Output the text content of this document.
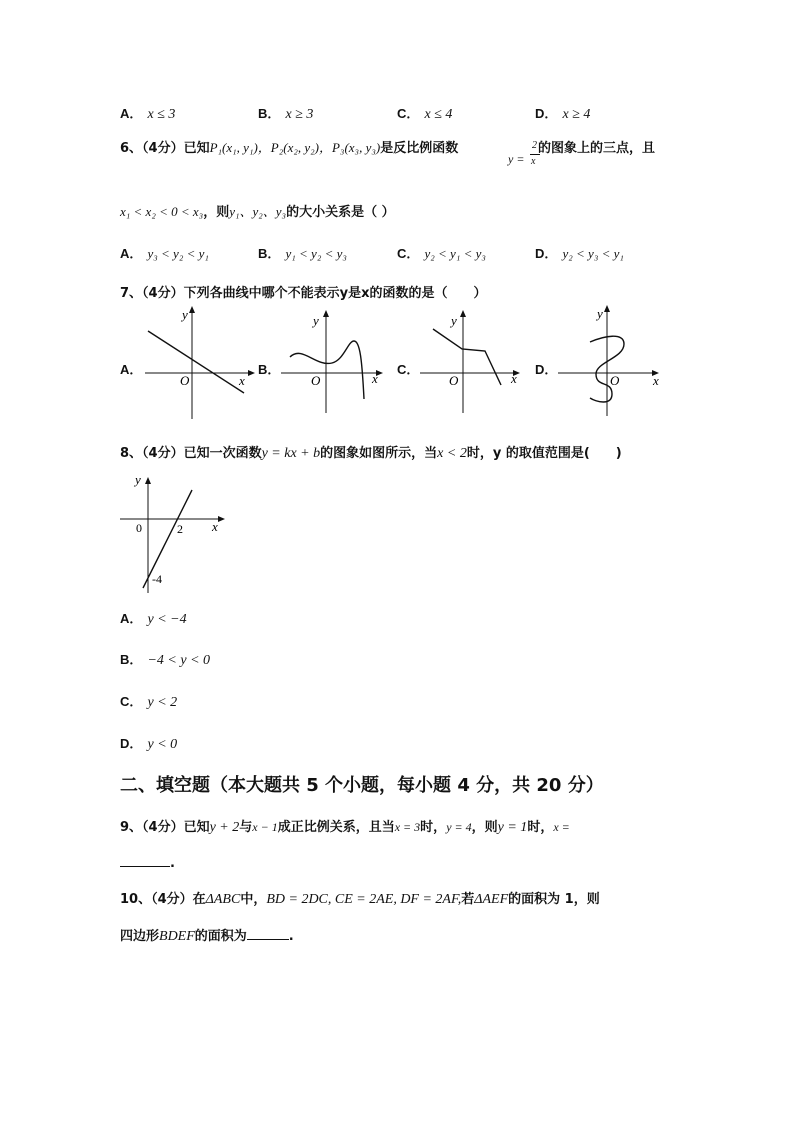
A． x ≤ 3	B． x ≥ 3	C． x ≤ 4	D． x ≥ 4
6、（4分）已知P₁(x₁, y₁)，P₂(x₂, y₂)，P₃(x₃, y₃)是反比例函数
y =
2
x
的图象上的三点，且
x₁ < x₂ < 0 < x₃，则y₁、y₂、y₃的大小关系是（ ）
A． y₃ < y₂ < y₁	B． y₁ < y₂ < y₃	C． y₂ < y₁ < y₃	D． y₂ < y₃ < y₁
7、（4分）下列各曲线中哪个不能表示y是x的函数的是（　　）
A．
O	x
y
B．
O	x
y
C．
O	x
y
D．
O	x
y
8、（4分）已知一次函数y = kx + b的图象如图所示，当x < 2时，y 的取值范围是(　　)
0	2
-4
x
y
A． y < −4
B． −4 < y < 0
C． y < 2
D． y < 0
二、填空题（本大题共 5 个小题，每小题 4 分，共 20 分）
9、（4分）已知y + 2与x − 1成正比例关系，且当x = 3时，y = 4，则y = 1时，x =
.
10、（4分）在ΔABC中，BD = 2DC, CE = 2AE, DF = 2AF,若ΔAEF的面积为 1，则
四边形BDEF的面积为	.
